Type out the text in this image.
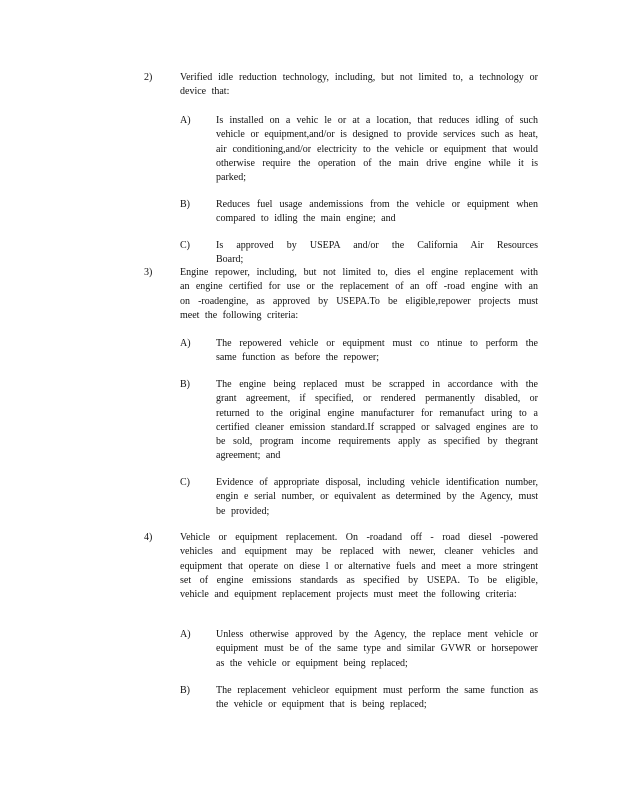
2)	Verified idle reduction technology, including, but not limited to, a technology or device that:
A)	Is installed on a vehic le or at a location, that reduces idling of such vehicle or equipment,and/or is designed to provide services such as heat, air conditioning,and/or electricity to the vehicle or equipment that would otherwise require the operation of the main drive engine while it is parked;
B)	Reduces fuel usage andemissions from the vehicle or equipment when compared to idling the main engine; and
C)	Is approved by USEPA and/or the California Air Resources Board;
3)	Engine repower, including, but not limited to, dies el engine replacement with an engine certified for use or the replacement of an off -road engine with an on -roadengine, as approved by USEPA.To be eligible,repower projects must meet the following criteria:
A)	The repowered vehicle or equipment must co ntinue to perform the same function as before the repower;
B)	The engine being replaced must be scrapped in accordance with the grant agreement, if specified, or rendered permanently disabled, or returned to the original engine manufacturer for remanufact uring to a certified cleaner emission standard.If scrapped or salvaged engines are to be sold, program income requirements apply as specified by thegrant agreement; and
C)	Evidence of appropriate disposal, including vehicle identification number, engin e serial number, or equivalent as determined by the Agency, must be provided;
4)	Vehicle or equipment replacement. On -roadand off - road diesel -powered vehicles and equipment may be replaced with newer, cleaner vehicles and equipment that operate on diese l or alternative fuels and meet a more stringent set of engine emissions standards as specified by USEPA. To be eligible, vehicle and equipment replacement projects must meet the following criteria:
A)	Unless otherwise approved by the Agency, the replace ment vehicle or equipment must be of the same type and similar GVWR or horsepower as the vehicle or equipment being replaced;
B)	The replacement vehicleor equipment must perform the same function as the vehicle or equipment that is being replaced;
